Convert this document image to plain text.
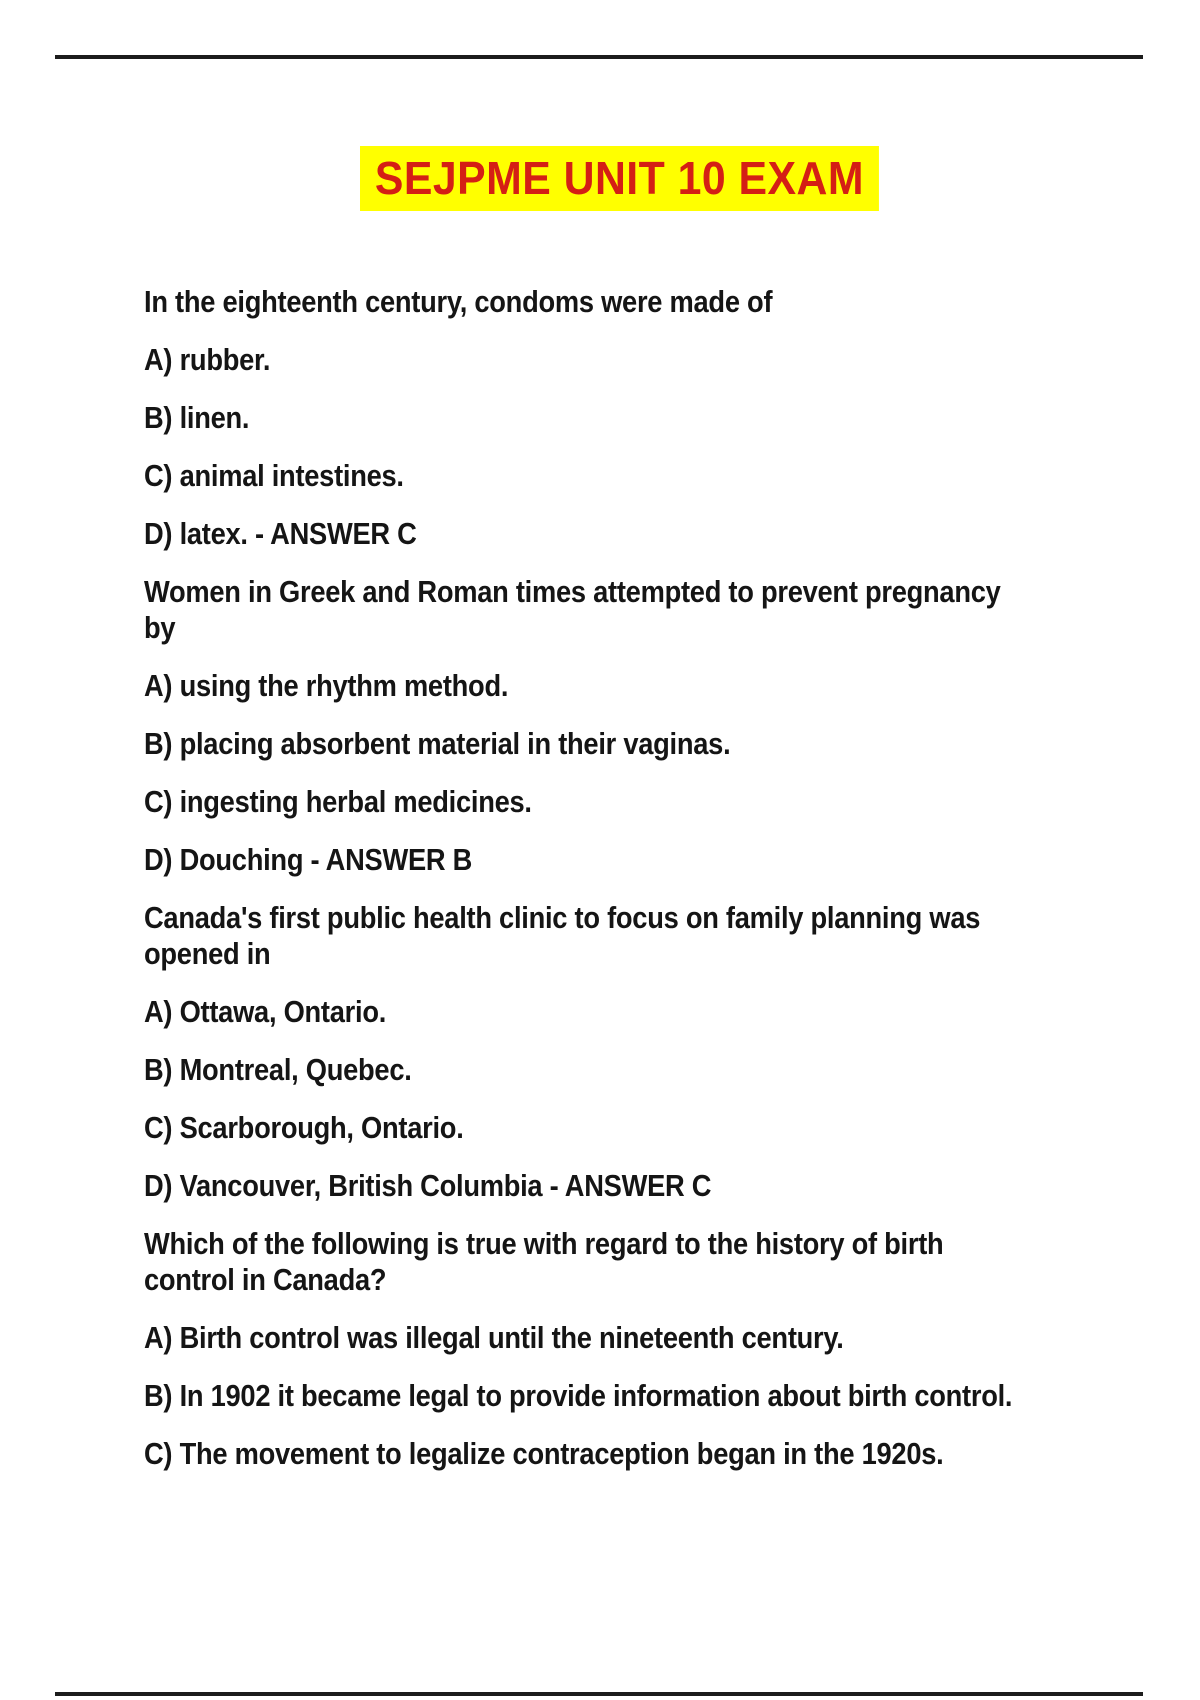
SEJPME UNIT 10 EXAM
In the eighteenth century, condoms were made of
A) rubber.
B) linen.
C) animal intestines.
D) latex. - ANSWER C
Women in Greek and Roman times attempted to prevent pregnancy
by
A) using the rhythm method.
B) placing absorbent material in their vaginas.
C) ingesting herbal medicines.
D) Douching - ANSWER B
Canada's first public health clinic to focus on family planning was
opened in
A) Ottawa, Ontario.
B) Montreal, Quebec.
C) Scarborough, Ontario.
D) Vancouver, British Columbia - ANSWER C
Which of the following is true with regard to the history of birth
control in Canada?
A) Birth control was illegal until the nineteenth century.
B) In 1902 it became legal to provide information about birth control.
C) The movement to legalize contraception began in the 1920s.
